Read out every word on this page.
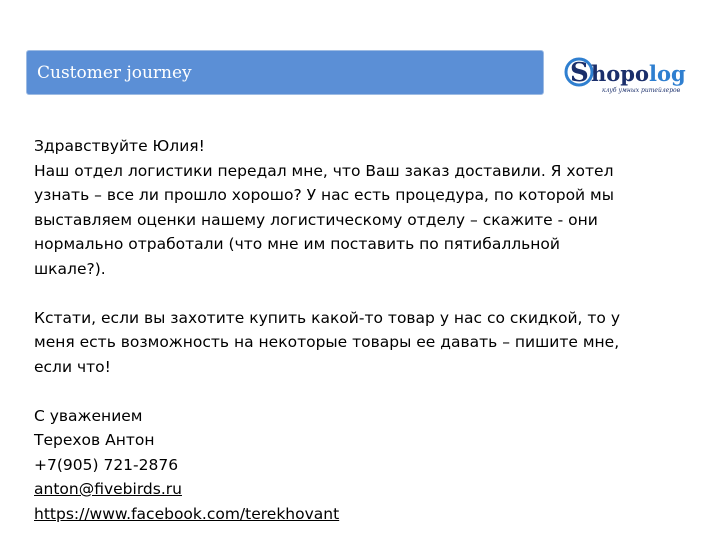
Customer journey	S hopolog
клуб умных ритейлеров

Здравствуйте Юлия!

Наш отдел логистики передал мне, что Ваш заказ доставили. Я хотел узнать – все ли прошло хорошо? У нас есть процедура, по которой мы выставляем оценки нашему логистическому отделу – скажите - они нормально отработали (что мне им поставить по пятибалльной шкале?).

Кстати, если вы захотите купить какой-то товар у нас со скидкой, то у меня есть возможность на некоторые товары ее давать – пишите мне, если что!

С уважением

Терехов Антон

+7(905) 721-2876

anton@fivebirds.ru

https://www.facebook.com/terekhovant
